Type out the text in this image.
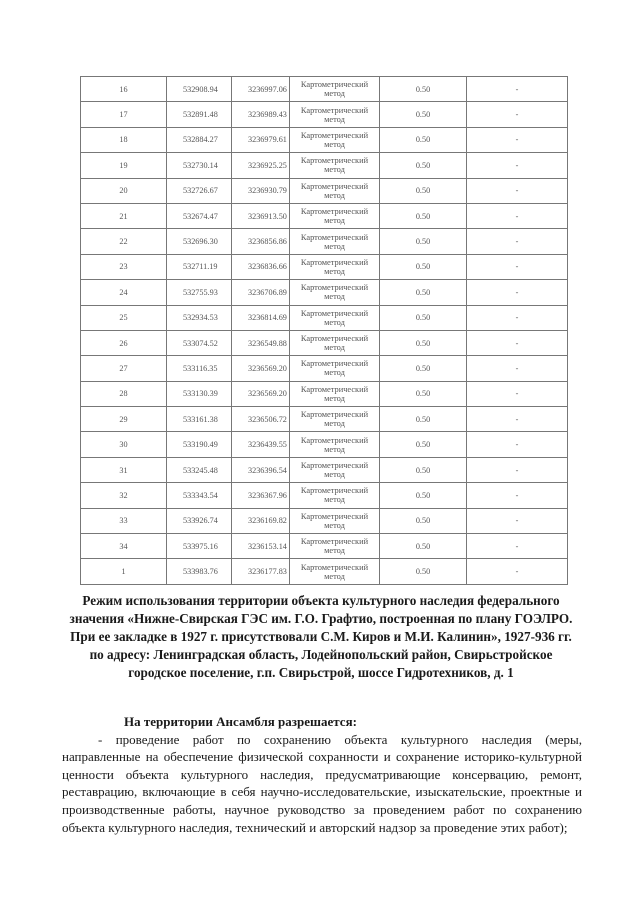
16	532908.94	3236997.06	Картометрический метод	0.50	-
17	532891.48	3236989.43	Картометрический метод	0.50	-
18	532884.27	3236979.61	Картометрический метод	0.50	-
19	532730.14	3236925.25	Картометрический метод	0.50	-
20	532726.67	3236930.79	Картометрический метод	0.50	-
21	532674.47	3236913.50	Картометрический метод	0.50	-
22	532696.30	3236856.86	Картометрический метод	0.50	-
23	532711.19	3236836.66	Картометрический метод	0.50	-
24	532755.93	3236706.89	Картометрический метод	0.50	-
25	532934.53	3236814.69	Картометрический метод	0.50	-
26	533074.52	3236549.88	Картометрический метод	0.50	-
27	533116.35	3236569.20	Картометрический метод	0.50	-
28	533130.39	3236569.20	Картометрический метод	0.50	-
29	533161.38	3236506.72	Картометрический метод	0.50	-
30	533190.49	3236439.55	Картометрический метод	0.50	-
31	533245.48	3236396.54	Картометрический метод	0.50	-
32	533343.54	3236367.96	Картометрический метод	0.50	-
33	533926.74	3236169.82	Картометрический метод	0.50	-
34	533975.16	3236153.14	Картометрический метод	0.50	-
1	533983.76	3236177.83	Картометрический метод	0.50	-
Режим использования территории объекта культурного наследия федерального значения «Нижне-Свирская ГЭС им. Г.О. Графтио, построенная по плану ГОЭЛРО. При ее закладке в 1927 г. присутствовали С.М. Киров и М.И. Калинин», 1927-936 гг. по адресу: Ленинградская область, Лодейнопольский район, Свирьстройское городское поселение, г.п. Свирьстрой, шоссе Гидротехников, д. 1

На территории Ансамбля разрешается:

- проведение работ по сохранению объекта культурного наследия (меры, направленные на обеспечение физической сохранности и сохранение историко-культурной ценности объекта культурного наследия, предусматривающие консервацию, ремонт, реставрацию, включающие в себя научно-исследовательские, изыскательские, проектные и производственные работы, научное руководство за проведением работ по сохранению объекта культурного наследия, технический и авторский надзор за проведение этих работ);
